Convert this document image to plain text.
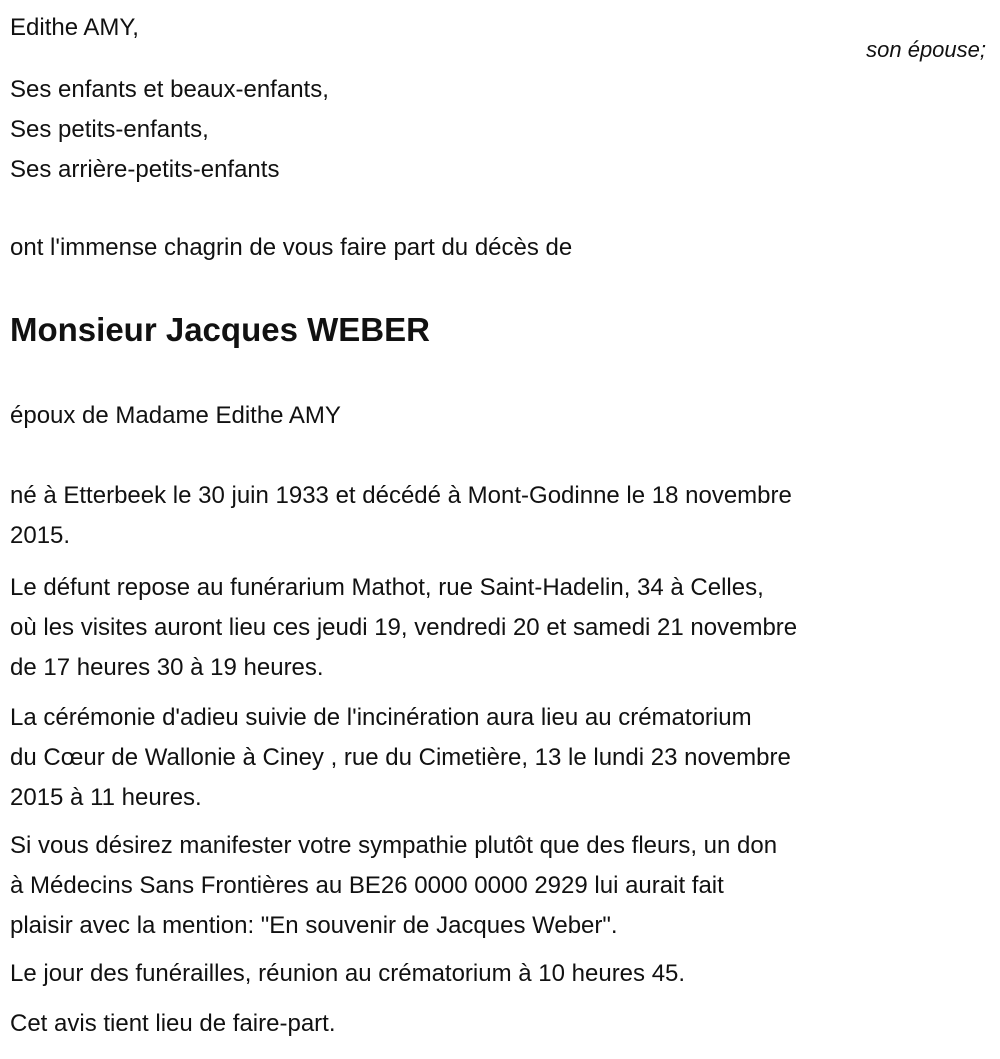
Edithe AMY,
son épouse;
Ses enfants et beaux-enfants,
Ses petits-enfants,
Ses arrière-petits-enfants
ont l'immense chagrin de vous faire part du décès de
Monsieur Jacques WEBER
époux de Madame Edithe AMY
né à Etterbeek le 30 juin 1933 et décédé à Mont-Godinne le 18 novembre
2015.
Le défunt repose au funérarium Mathot, rue Saint-Hadelin, 34 à Celles,
où les visites auront lieu ces jeudi 19, vendredi 20 et samedi 21 novembre
de 17 heures 30 à 19 heures.
La cérémonie d'adieu suivie de l'incinération aura lieu au crématorium
du Cœur de Wallonie à Ciney , rue du Cimetière, 13 le lundi 23 novembre
2015 à 11 heures.
Si vous désirez manifester votre sympathie plutôt que des fleurs, un don
à Médecins Sans Frontières au BE26 0000 0000 2929 lui aurait fait
plaisir avec la mention: "En souvenir de Jacques Weber".
Le jour des funérailles, réunion au crématorium à 10 heures 45.
Cet avis tient lieu de faire-part.
